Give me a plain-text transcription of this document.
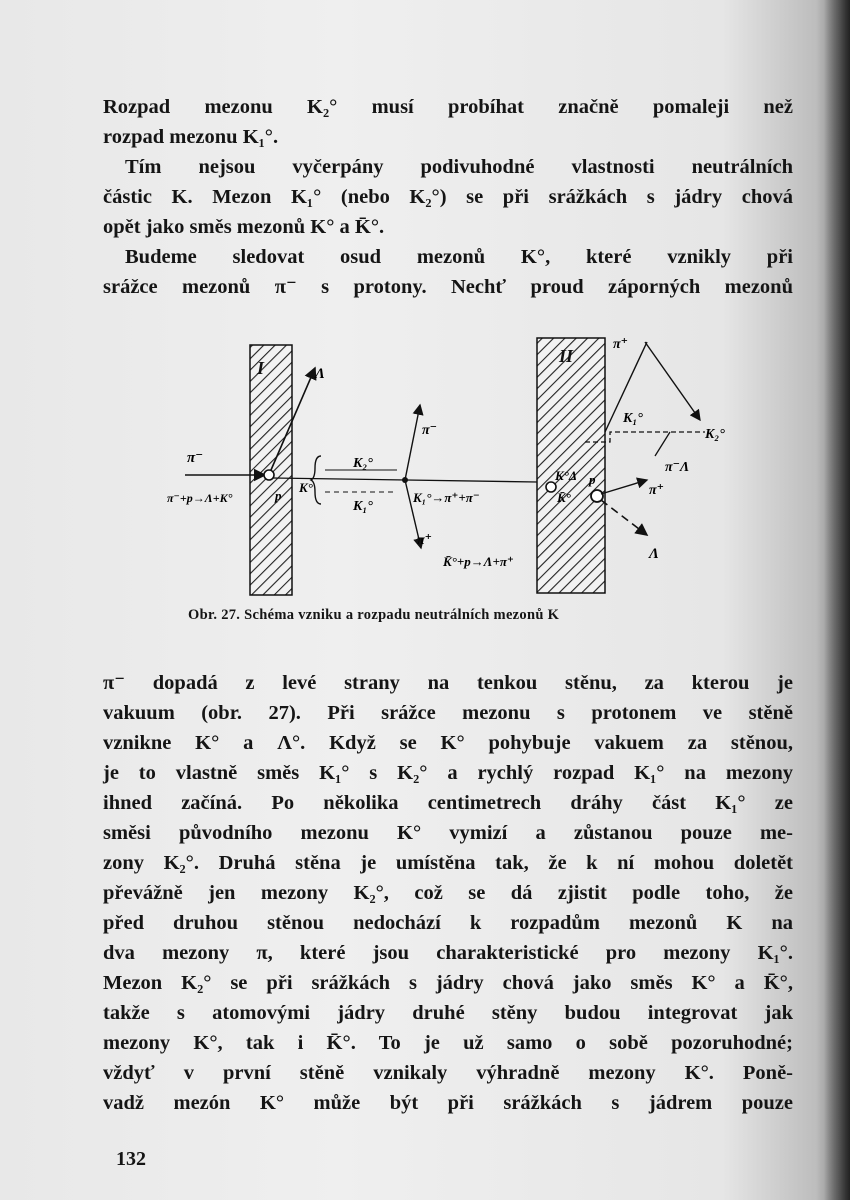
Rozpad mezonu K₂° musí probíhat značně pomaleji než
rozpad mezonu K₁°.

Tím nejsou vyčerpány podivuhodné vlastnosti neutrálních
částic K. Mezon K₁° (nebo K₂°) se při srážkách s jádry chová
opět jako směs mezonů K° a K̄°.

Budeme sledovat osud mezonů K°, které vznikly při
srážce mezonů π⁻ s protony. Nechť proud záporných mezonů

I
II
π⁻
π⁻+p→Λ+K°	p
Λ
K°
K₂°
K₁°
π⁻
π⁺
K₁°→π⁺+π⁻
K̄°+p→Λ+π⁺
K°Δ
K̄°
p
π⁺
K₁°
K₂°
π⁻Λ
π⁺
Λ
Obr. 27. Schéma vzniku a rozpadu neutrálních mezonů K
π⁻ dopadá z levé strany na tenkou stěnu, za kterou je
vakuum (obr. 27). Při srážce mezonu s protonem ve stěně
vznikne K° a Λ°. Když se K° pohybuje vakuem za stěnou,
je to vlastně směs K₁° s K₂° a rychlý rozpad K₁° na mezony
ihned začíná. Po několika centimetrech dráhy část K₁° ze
směsi původního mezonu K° vymizí a zůstanou pouze me-
zony K₂°. Druhá stěna je umístěna tak, že k ní mohou doletět
převážně jen mezony K₂°, což se dá zjistit podle toho, že
před druhou stěnou nedochází k rozpadům mezonů K na
dva mezony π, které jsou charakteristické pro mezony K₁°.
Mezon K₂° se při srážkách s jádry chová jako směs K° a K̄°,
takže s atomovými jádry druhé stěny budou integrovat jak
mezony K°, tak i K̄°. To je už samo o sobě pozoruhodné;
vždyť v první stěně vznikaly výhradně mezony K°. Poně-
vadž mezón K° může být při srážkách s jádrem pouze
132
